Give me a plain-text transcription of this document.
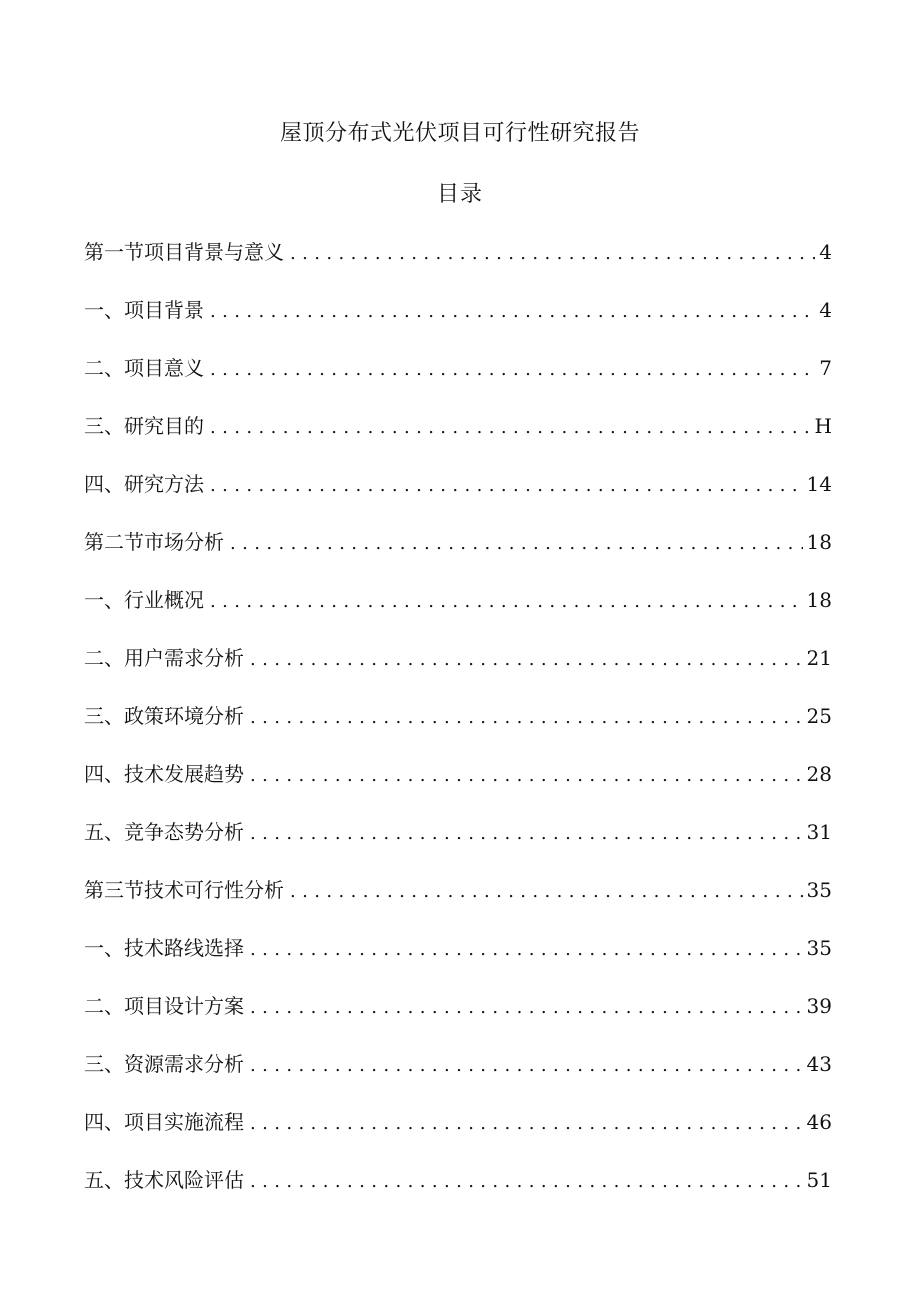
屋顶分布式光伏项目可行性研究报告
目录
第一节项目背景与意义 .....	4
一、项目背景 .....	4
二、项目意义 .....	7
三、研究目的 .....	H
四、研究方法 .....	14
第二节市场分析 .....	18
一、行业概况 .....	18
二、用户需求分析 .....	21
三、政策环境分析 .....	25
四、技术发展趋势 .....	28
五、竞争态势分析 .....	31
第三节技术可行性分析 .....	35
一、技术路线选择 .....	35
二、项目设计方案 .....	39
三、资源需求分析 .....	43
四、项目实施流程 .....	46
五、技术风险评估 .....	51
